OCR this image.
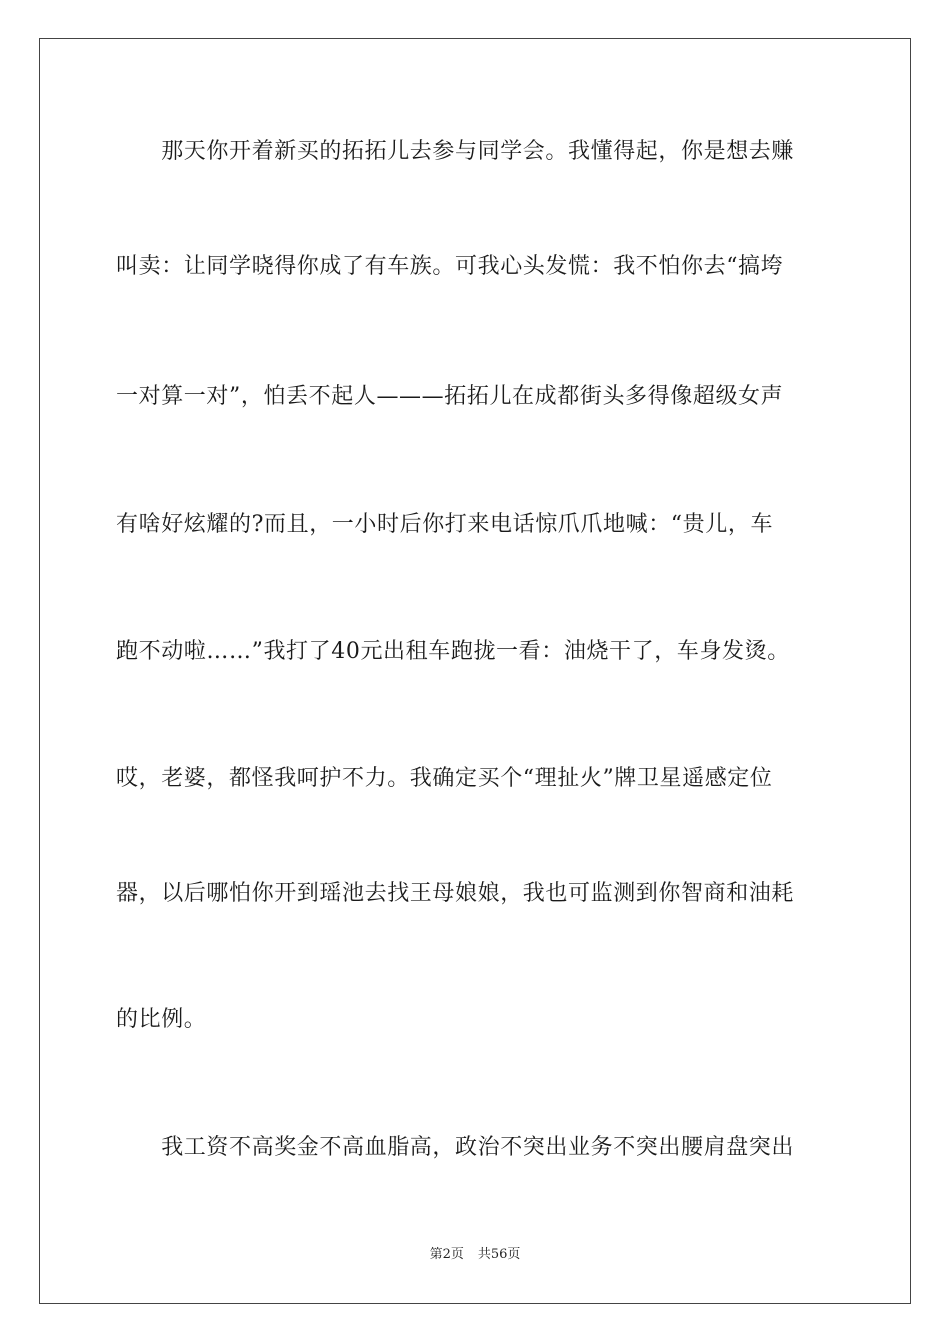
　　那天你开着新买的拓拓儿去参与同学会。我懂得起，你是想去赚
叫卖：让同学晓得你成了有车族。可我心头发慌：我不怕你去“搞垮
一对算一对”，怕丢不起人———拓拓儿在成都街头多得像超级女声
有啥好炫耀的?而且，一小时后你打来电话惊爪爪地喊：“贵儿，车
跑不动啦……”我打了40元出租车跑拢一看：油烧干了，车身发烫。
哎，老婆，都怪我呵护不力。我确定买个“理扯火”牌卫星遥感定位
器，以后哪怕你开到瑶池去找王母娘娘，我也可监测到你智商和油耗
的比例。
　　我工资不高奖金不高血脂高，政治不突出业务不突出腰肩盘突出
第2页 共56页
